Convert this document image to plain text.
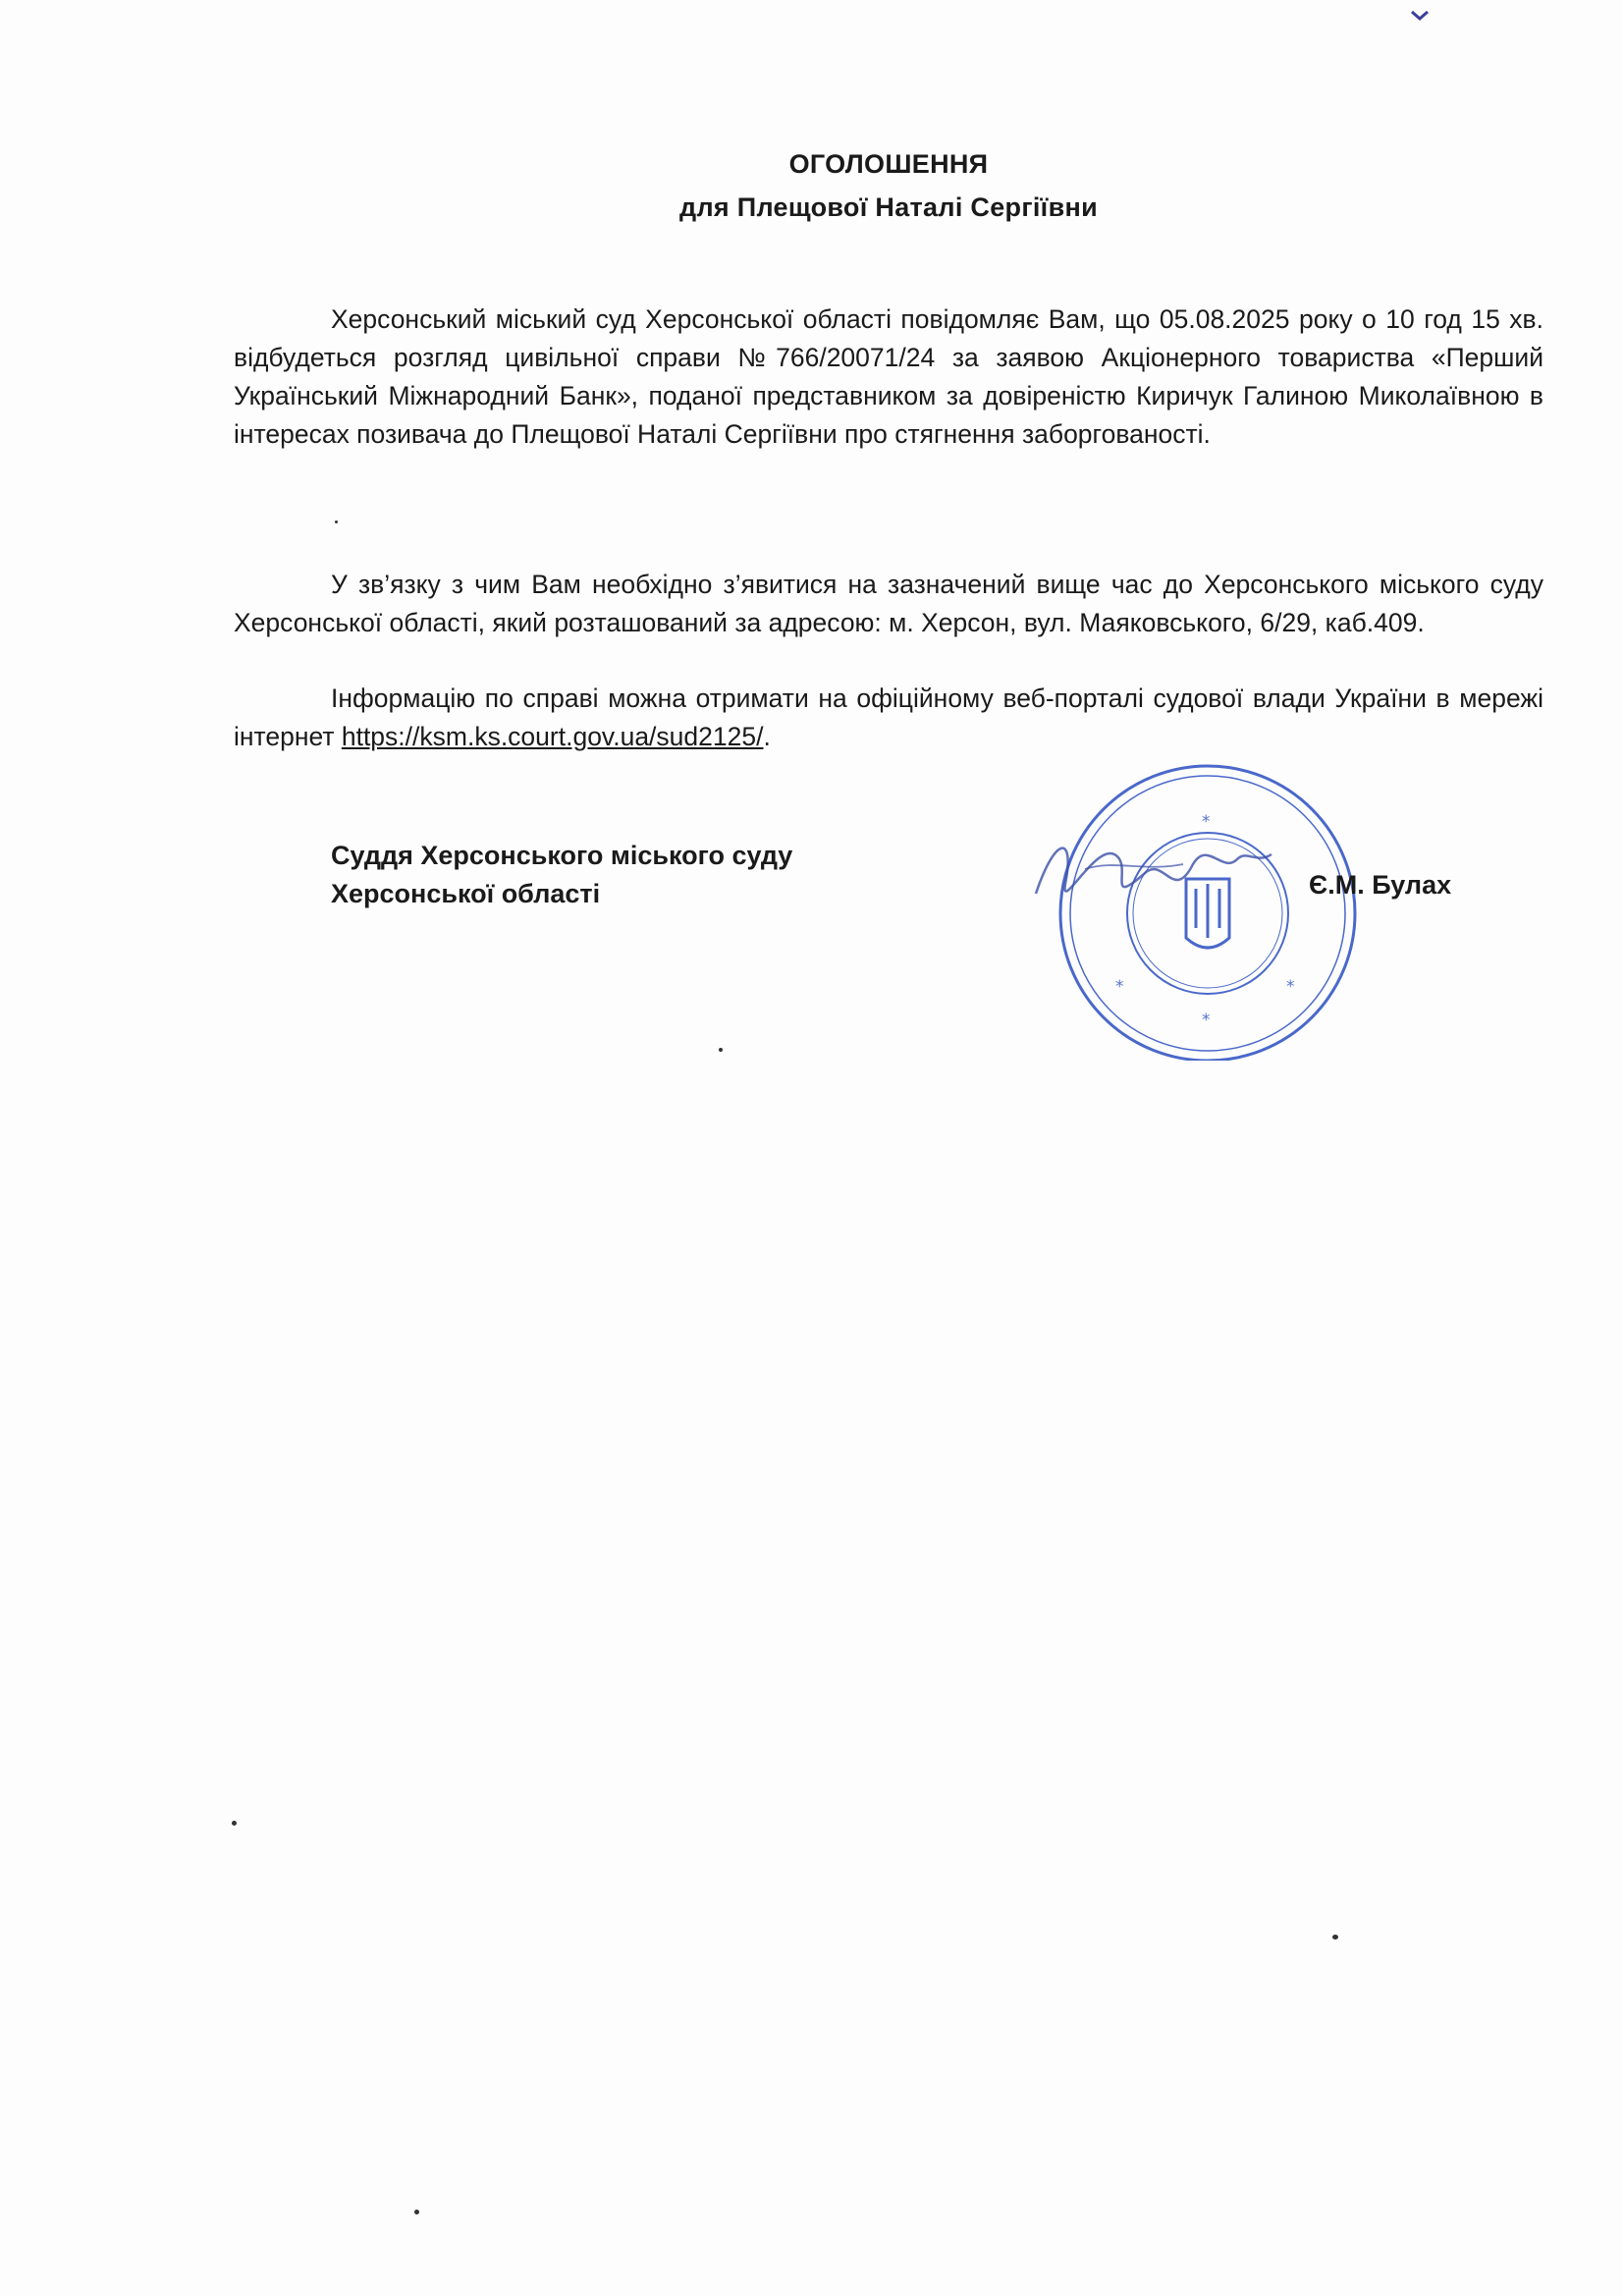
ОГОЛОШЕННЯ
для Плещової Наталі Сергіївни

Херсонський міський суд Херсонської області повідомляє Вам, що 05.08.2025 року о 10 год 15 хв. відбудеться розгляд цивільної справи №766/20071/24 за заявою Акціонерного товариства «Перший Український Міжнародний Банк», поданої представником за довіреністю Киричук Галиною Миколаївною в інтересах позивача до Плещової Наталі Сергіївни про стягнення заборгованості.

У зв’язку з чим Вам необхідно з’явитися на зазначений вище час до Херсонського міського суду Херсонської області, який розташований за адресою: м. Херсон, вул. Маяковського, 6/29, каб.409.

Інформацію по справі можна отримати на офіційному веб-порталі судової влади України в мережі інтернет https://ksm.ks.court.gov.ua/sud2125/.

Суддя Херсонського міського суду
Херсонської області
*
*	*
*
Є.М. Булах
